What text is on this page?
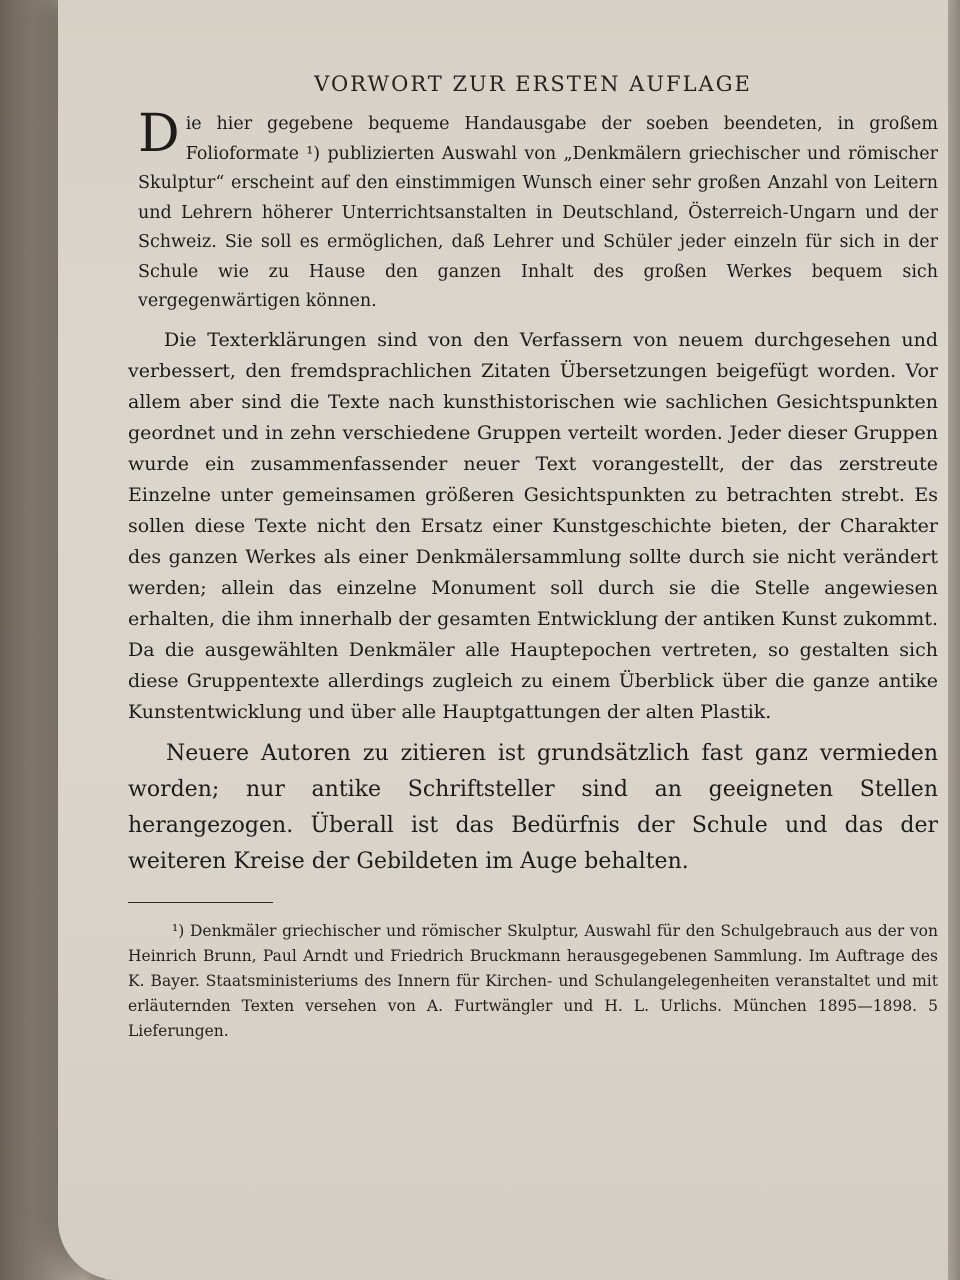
VORWORT ZUR ERSTEN AUFLAGE

Die hier gegebene bequeme Handausgabe der soeben beendeten, in großem Folioformate ¹) publizierten Auswahl von „Denkmälern griechischer und römischer Skulptur“ erscheint auf den einstimmigen Wunsch einer sehr großen Anzahl von Leitern und Lehrern höherer Unterrichtsanstalten in Deutschland, Österreich-Ungarn und der Schweiz. Sie soll es ermöglichen, daß Lehrer und Schüler jeder einzeln für sich in der Schule wie zu Hause den ganzen Inhalt des großen Werkes bequem sich vergegenwärtigen können.

Die Texterklärungen sind von den Verfassern von neuem durchgesehen und verbessert, den fremdsprachlichen Zitaten Übersetzungen beigefügt worden. Vor allem aber sind die Texte nach kunsthistorischen wie sachlichen Gesichtspunkten geordnet und in zehn verschiedene Gruppen verteilt worden. Jeder dieser Gruppen wurde ein zusammenfassender neuer Text vorangestellt, der das zerstreute Einzelne unter gemeinsamen größeren Gesichtspunkten zu betrachten strebt. Es sollen diese Texte nicht den Ersatz einer Kunstgeschichte bieten, der Charakter des ganzen Werkes als einer Denkmälersammlung sollte durch sie nicht verändert werden; allein das einzelne Monument soll durch sie die Stelle angewiesen erhalten, die ihm innerhalb der gesamten Entwicklung der antiken Kunst zukommt. Da die ausgewählten Denkmäler alle Hauptepochen vertreten, so gestalten sich diese Gruppentexte allerdings zugleich zu einem Überblick über die ganze antike Kunstentwicklung und über alle Hauptgattungen der alten Plastik.

Neuere Autoren zu zitieren ist grundsätzlich fast ganz vermieden worden; nur antike Schriftsteller sind an geeigneten Stellen herangezogen. Überall ist das Bedürfnis der Schule und das der weiteren Kreise der Gebildeten im Auge behalten.

¹) Denkmäler griechischer und römischer Skulptur, Auswahl für den Schulgebrauch aus der von Heinrich Brunn, Paul Arndt und Friedrich Bruckmann herausgegebenen Sammlung. Im Auftrage des K. Bayer. Staatsministeriums des Innern für Kirchen- und Schulangelegenheiten veranstaltet und mit erläuternden Texten versehen von A. Furtwängler und H. L. Urlichs. München 1895—1898. 5 Lieferungen.
